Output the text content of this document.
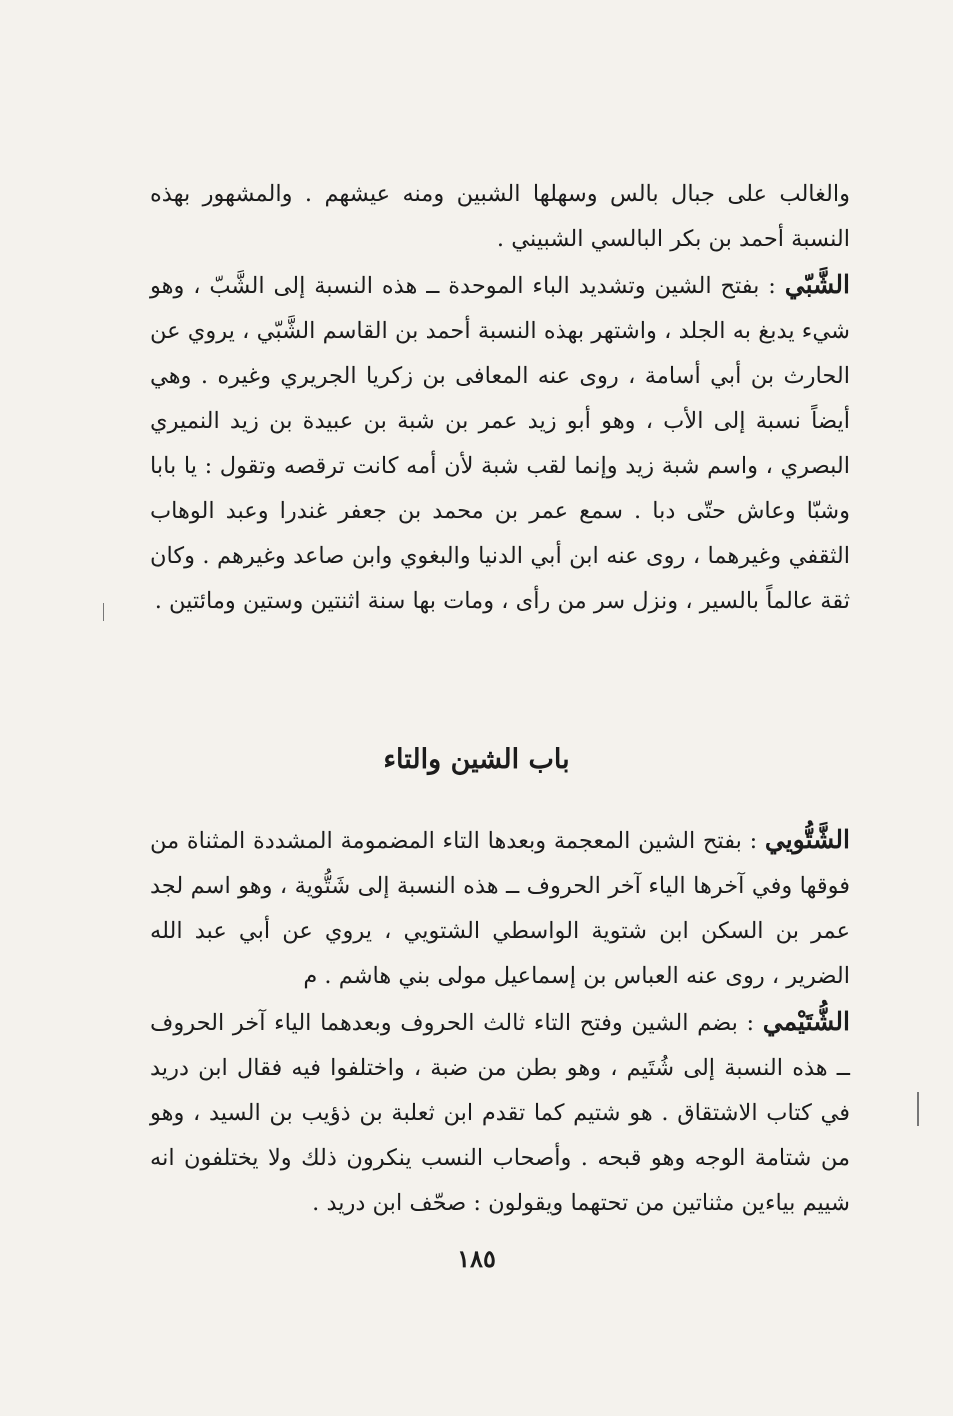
والغالب على جبال بالس وسهلها الشبين ومنه عيشهم . والمشهور بهذه النسبة أحمد بن بكر البالسي الشبيني .

الشَّبّي : بفتح الشين وتشديد الباء الموحدة ــ هذه النسبة إلى الشَّبّ ، وهو شيء يدبغ به الجلد ، واشتهر بهذه النسبة أحمد بن القاسم الشَّبّي ، يروي عن الحارث بن أبي أسامة ، روى عنه المعافى بن زكريا الجريري وغيره . وهي أيضاً نسبة إلى الأب ، وهو أبو زيد عمر بن شبة بن عبيدة بن زيد النميري البصري ، واسم شبة زيد وإنما لقب شبة لأن أمه كانت ترقصه وتقول : يا بابا وشبّا وعاش حتّى دبا . سمع عمر بن محمد بن جعفر غندرا وعبد الوهاب الثقفي وغيرهما ، روى عنه ابن أبي الدنيا والبغوي وابن صاعد وغيرهم . وكان ثقة عالماً بالسير ، ونزل سر من رأى ، ومات بها سنة اثنتين وستين ومائتين .

باب الشين والتاء

الشَّتُّويي : بفتح الشين المعجمة وبعدها التاء المضمومة المشددة المثناة من فوقها وفي آخرها الياء آخر الحروف ــ هذه النسبة إلى شَتُّوية ، وهو اسم لجد عمر بن السكن ابن شتوية الواسطي الشتويي ، يروي عن أبي عبد الله الضرير ، روى عنه العباس بن إسماعيل مولى بني هاشم . م

الشُّتَيْمي : بضم الشين وفتح التاء ثالث الحروف وبعدهما الياء آخر الحروف ــ هذه النسبة إلى شُتَيم ، وهو بطن من ضبة ، واختلفوا فيه فقال ابن دريد في كتاب الاشتقاق . هو شتيم كما تقدم ابن ثعلبة بن ذؤيب بن السيد ، وهو من شتامة الوجه وهو قبحه . وأصحاب النسب ينكرون ذلك ولا يختلفون انه شييم بياءين مثناتين من تحتهما ويقولون : صحّف ابن دريد .

١٨٥
